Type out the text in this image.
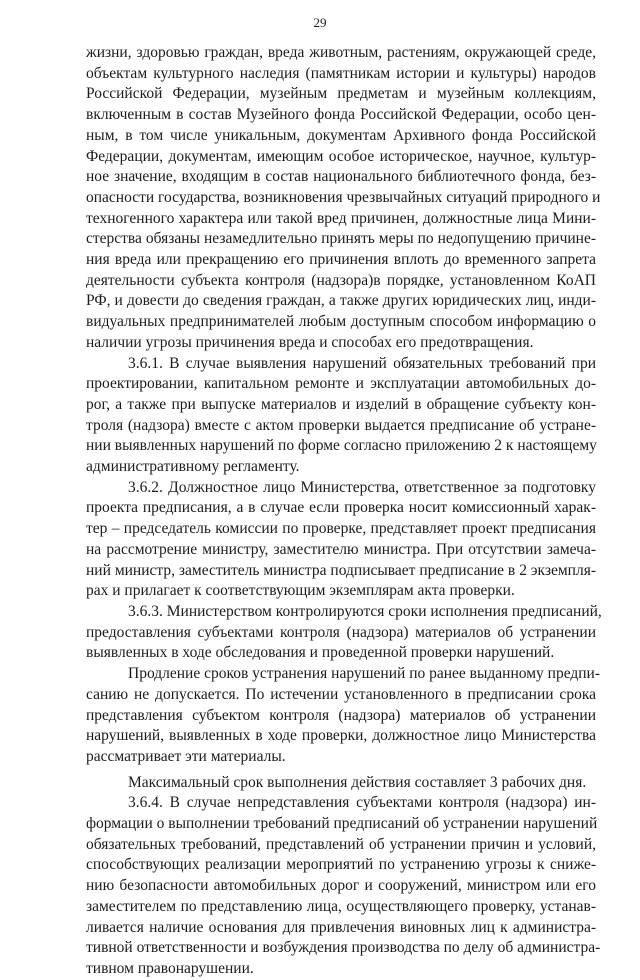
29
жизни, здоровью граждан, вреда животным, растениям, окружающей среде,
объектам культурного наследия (памятникам истории и культуры) народов
Российской Федерации, музейным предметам и музейным коллекциям,
включенным в состав Музейного фонда Российской Федерации, особо цен-
ным, в том числе уникальным, документам Архивного фонда Российской
Федерации, документам, имеющим особое историческое, научное, культур-
ное значение, входящим в состав национального библиотечного фонда, без-
опасности государства, возникновения чрезвычайных ситуаций природного и
техногенного характера или такой вред причинен, должностные лица Мини-
стерства обязаны незамедлительно принять меры по недопущению причине-
ния вреда или прекращению его причинения вплоть до временного запрета
деятельности субъекта контроля (надзора)в порядке, установленном КоАП
РФ, и довести до сведения граждан, а также других юридических лиц, инди-
видуальных предпринимателей любым доступным способом информацию о
наличии угрозы причинения вреда и способах его предотвращения.
3.6.1. В случае выявления нарушений обязательных требований при
проектировании, капитальном ремонте и эксплуатации автомобильных до-
рог, а также при выпуске материалов и изделий в обращение субъекту кон-
троля (надзора) вместе с актом проверки выдается предписание об устране-
нии выявленных нарушений по форме согласно приложению 2 к настоящему
административному регламенту.
3.6.2. Должностное лицо Министерства, ответственное за подготовку
проекта предписания, а в случае если проверка носит комиссионный харак-
тер – председатель комиссии по проверке, представляет проект предписания
на рассмотрение министру, заместителю министра. При отсутствии замеча-
ний министр, заместитель министра подписывает предписание в 2 экземпля-
рах и прилагает к соответствующим экземплярам акта проверки.
3.6.3. Министерством контролируются сроки исполнения предписаний,
предоставления субъектами контроля (надзора) материалов об устранении
выявленных в ходе обследования и проведенной проверки нарушений.
Продление сроков устранения нарушений по ранее выданному предпи-
санию не допускается. По истечении установленного в предписании срока
представления субъектом контроля (надзора) материалов об устранении
нарушений, выявленных в ходе проверки, должностное лицо Министерства
рассматривает эти материалы.
Максимальный срок выполнения действия составляет 3 рабочих дня.
3.6.4. В случае непредставления субъектами контроля (надзора) ин-
формации о выполнении требований предписаний об устранении нарушений
обязательных требований, представлений об устранении причин и условий,
способствующих реализации мероприятий по устранению угрозы к сниже-
нию безопасности автомобильных дорог и сооружений, министром или его
заместителем по представлению лица, осуществляющего проверку, устанав-
ливается наличие основания для привлечения виновных лиц к администра-
тивной ответственности и возбуждения производства по делу об администра-
тивном правонарушении.
